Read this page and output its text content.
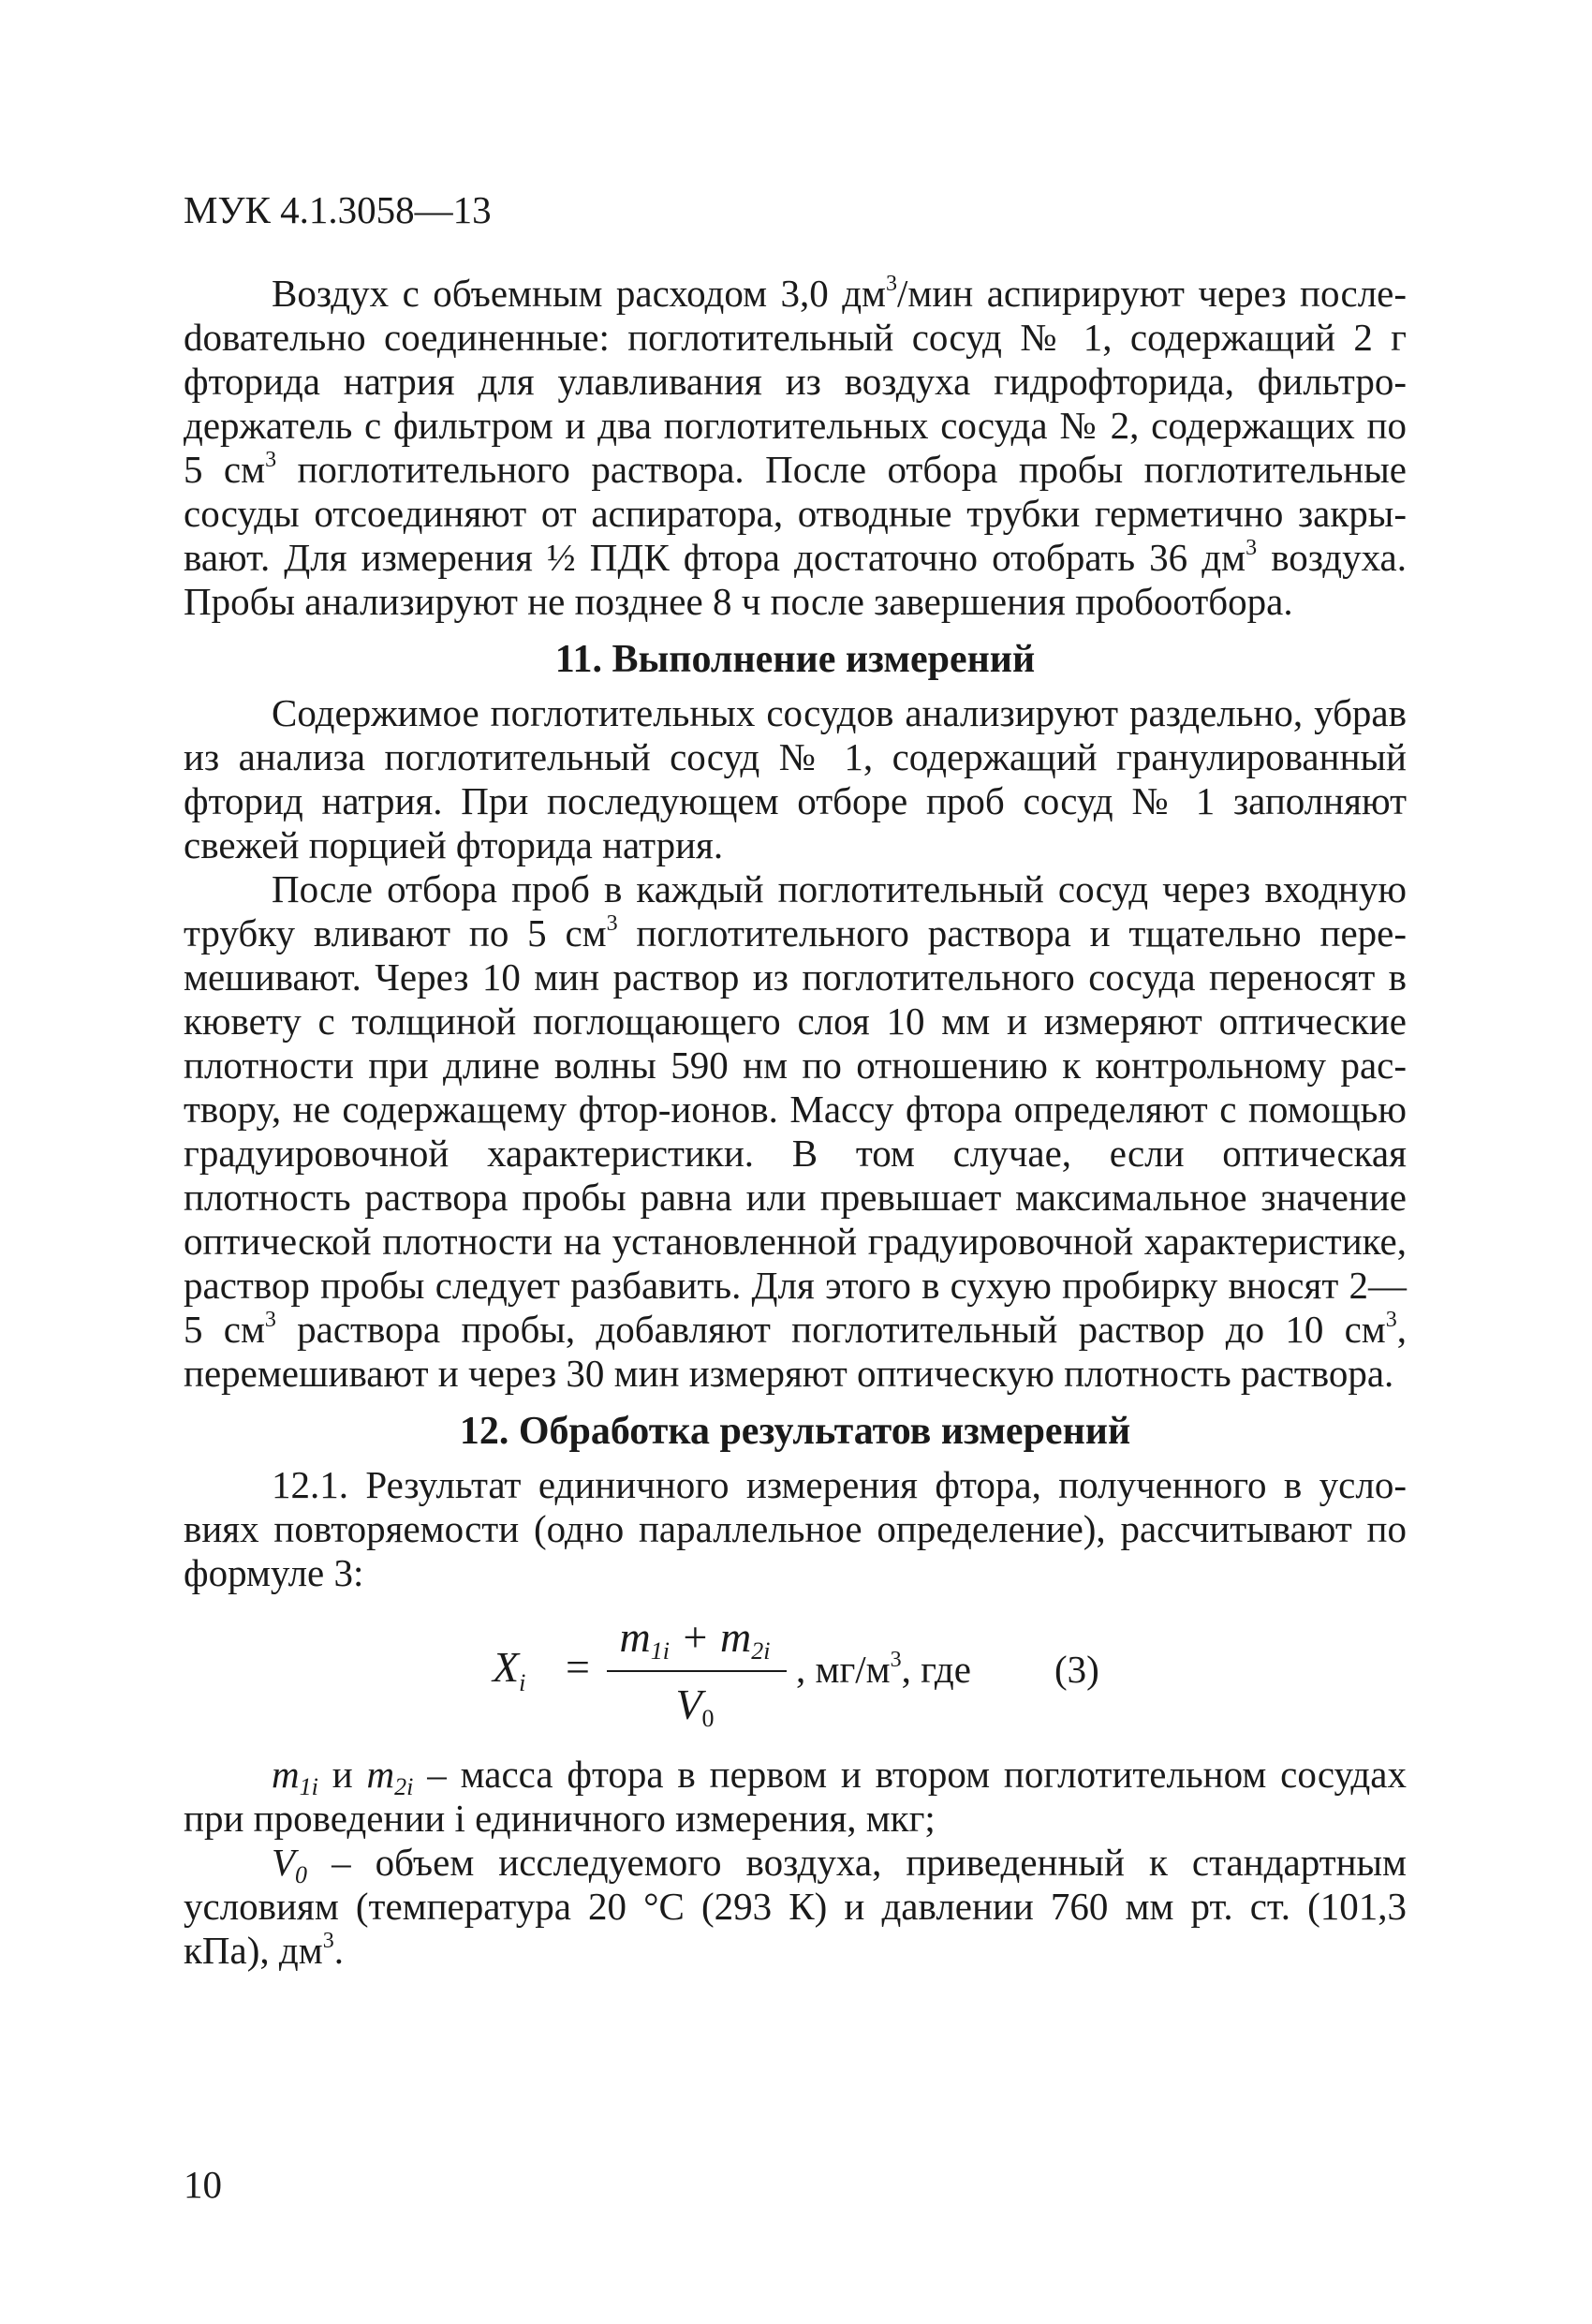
МУК 4.1.3058—13

Воздух с объемным расходом 3,0 $дм^3$/мин аспирируют через послеdовательно соединенные: поглотительный сосуд № 1, содержащий 2 г фторида натрия для улавливания из воздуха гидрофторида, фильтродержатель с фильтром и два поглотительных сосуда № 2, содержащих по 5 $см^3$ поглотительного раствора. После отбора пробы поглотительные сосуды отсоединяют от аспиратора, отводные трубки герметично закрывают. Для измерения ½ ПДК фтора достаточно отобрать 36 $дм^3$ воздуха. Пробы анализируют не позднее 8 ч после завершения пробоотбора.

11. Выполнение измерений

Содержимое поглотительных сосудов анализируют раздельно, убрав из анализа поглотительный сосуд № 1, содержащий гранулированный фторид натрия. При последующем отборе проб сосуд № 1 заполняют свежей порцией фторида натрия.

После отбора проб в каждый поглотительный сосуд через входную трубку вливают по 5 $см^3$ поглотительного раствора и тщательно перемешивают. Через 10 мин раствор из поглотительного сосуда переносят в кювету с толщиной поглощающего слоя 10 мм и измеряют оптические плотности при длине волны 590 нм по отношению к контрольному раствору, не содержащему фтор-ионов. Массу фтора определяют с помощью градуировочной характеристики. В том случае, если оптическая плотность раствора пробы равна или превышает максимальное значение оптической плотности на установленной градуировочной характеристике, раствор пробы следует разбавить. Для этого в сухую пробирку вносят 2—5 $см^3$ раствора пробы, добавляют поглотительный раствор до 10 $см^3$, перемешивают и через 30 мин измеряют оптическую плотность раствора.

12. Обработка результатов измерений

12.1. Результат единичного измерения фтора, полученного в условиях повторяемости (одно параллельное определение), рассчитывают по формуле 3:

$X_i$ =
$m_{1i} + m_{2i}$
$V_0$
, $мг/м^3$, где (3)

$m_{1i}$ и $m_{2i}$ – масса фтора в первом и втором поглотительном сосудах при проведении i единичного измерения, мкг;

$V_0$ – объем исследуемого воздуха, приведенный к стандартным условиям (температура 20 °С (293 К) и давлении 760 мм рт. ст. (101,3 кПа), $дм^3$.

10
